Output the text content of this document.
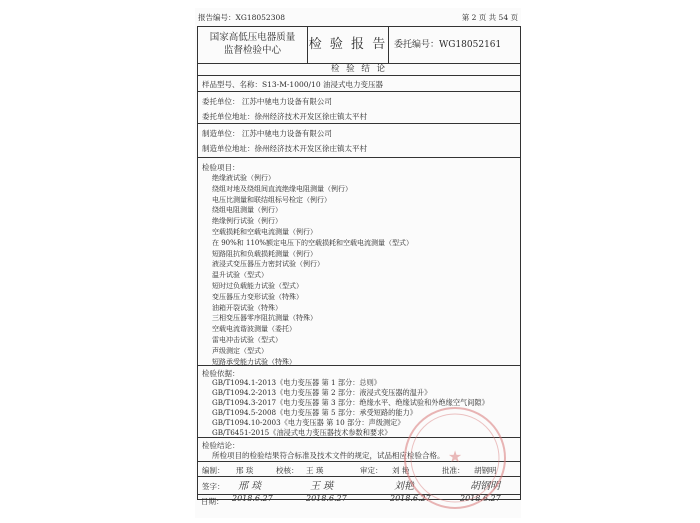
报告编号：XG18052308	第 2 页 共 54 页
国家高低压电器质量
监督检验中心	检 验 报 告 委托编号：WG18052161
检 验 结 论
样品型号、名称：S13-M-1000/10 油浸式电力变压器
委托单位： 江苏中驰电力设备有限公司
委托单位地址：徐州经济技术开发区徐庄镇太平村
制造单位： 江苏中驰电力设备有限公司
制造单位地址：徐州经济技术开发区徐庄镇太平村
检验项目：
绝缘液试验（例行）
绕组对地及绕组间直流绝缘电阻测量（例行）
电压比测量和联结组标号检定（例行）
绕组电阻测量（例行）
绝缘例行试验（例行）
空载损耗和空载电流测量（例行）
在 90%和 110%额定电压下的空载损耗和空载电流测量（型式）
短路阻抗和负载损耗测量（例行）
液浸式变压器压力密封试验（例行）
温升试验（型式）
短时过负载能力试验（型式）
变压器压力变形试验（特殊）
油箱开裂试验（特殊）
三相变压器零序阻抗测量（特殊）
空载电流谐波测量（委托）
雷电冲击试验（型式）
声级测定（型式）
短路承受能力试验（特殊）
检验依据：
GB/T1094.1-2013《电力变压器 第 1 部分：总则》
GB/T1094.2-2013《电力变压器 第 2 部分：液浸式变压器的温升》
GB/T1094.3-2017《电力变压器 第 3 部分：绝缘水平、绝缘试验和外绝缘空气间隙》
GB/T1094.5-2008《电力变压器 第 5 部分：承受短路的能力》
GB/T1094.10-2003《电力变压器 第 10 部分：声级测定》
GB/T6451-2015《油浸式电力变压器技术参数和要求》
检验结论：
所检项目的检验结果符合标准及技术文件的规定，试品相应检验合格。
编制： 邢 琰	校核： 王 瑛	审定： 刘 艳	批准： 胡钢明
签字： 邢 琰	王 瑛	刘艳	胡钢明
日期： 2018.6.27	2018.6.27	2018.6.27	2018.6.27
★
